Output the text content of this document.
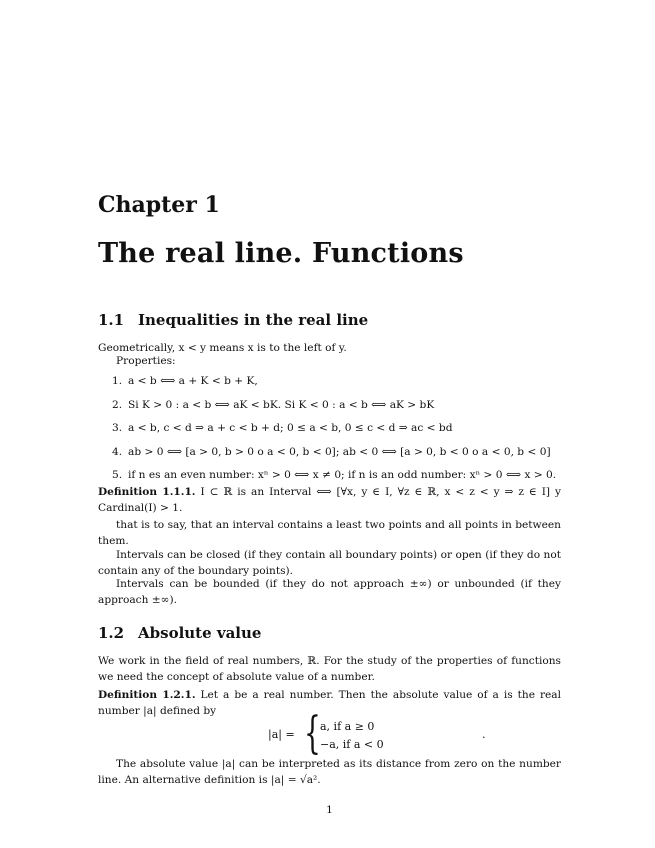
Chapter 1
The real line. Functions
1.1 Inequalities in the real line
Geometrically, x < y means x is to the left of y.
Properties:
1. a < b ⟺ a + K < b + K,
2. Si K > 0 : a < b ⟺ aK < bK. Si K < 0 : a < b ⟺ aK > bK
3. a < b, c < d ⇒ a + c < b + d; 0 ≤ a < b, 0 ≤ c < d ⇒ ac < bd
4. ab > 0 ⟺ [a > 0, b > 0 o a < 0, b < 0]; ab < 0 ⟺ [a > 0, b < 0 o a < 0, b < 0]
5. if n es an even number: xⁿ > 0 ⟺ x ≠ 0; if n is an odd number: xⁿ > 0 ⟺ x > 0.
Definition 1.1.1. I ⊂ ℝ is an Interval ⟺ [∀x, y ∈ I, ∀z ∈ ℝ, x < z < y ⇒ z ∈ I] y Cardinal(I) > 1.
that is to say, that an interval contains a least two points and all points in between them.
Intervals can be closed (if they contain all boundary points) or open (if they do not contain any of the boundary points).
Intervals can be bounded (if they do not approach ±∞) or unbounded (if they approach ±∞).
1.2 Absolute value
We work in the field of real numbers, ℝ. For the study of the properties of functions we need the concept of absolute value of a number.
Definition 1.2.1. Let a be a real number. Then the absolute value of a is the real number |a| defined by
|a| = { a, if a ≥ 0
−a, if a < 0
.
The absolute value |a| can be interpreted as its distance from zero on the number line. An alternative definition is |a| = √a².
1
